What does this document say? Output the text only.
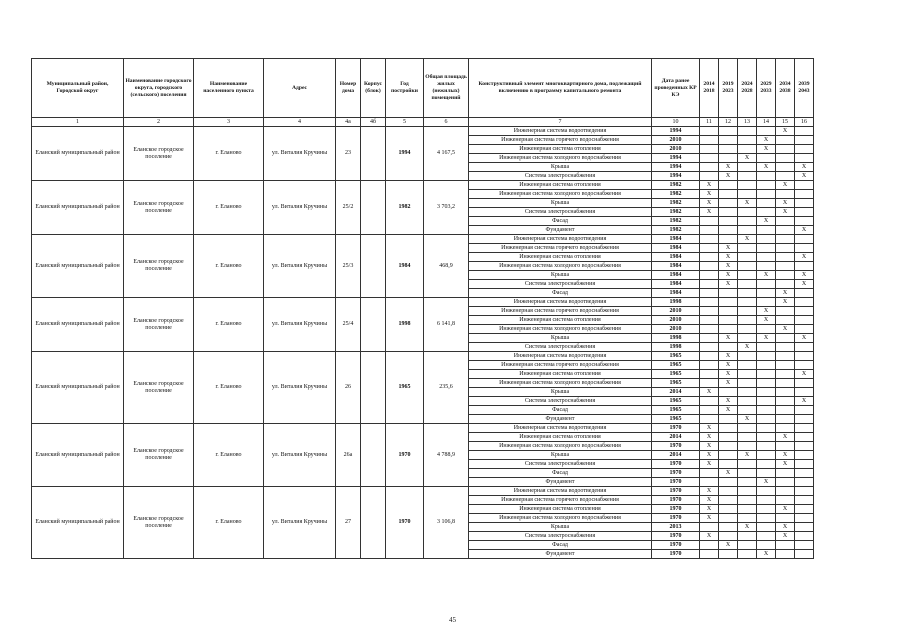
Муниципальный район, Городской округ	Наименование городского округа, городского (сельского) поселения	Наименование населенного пункта	Адрес	Номер дома	Корпус (блок)	Год постройки	Общая площадь жилых (нежилых) помещений	Конструктивный элемент многоквартирного дома, подлежащий включению в программу капитального ремонта	Дата ранее проведенных КР КЭ	2014 2018	2019 2023	2024 2028	2029 2033	2034 2038	2039 2043
1	2	3	4	4а	4б	5	6	7	10	11	12	13	14	15	16
Еланский муниципальный район	Еланское городское поселение	г. Еланово	ул. Виталия Кручины	23		1994	4 167,5	Инженерная система водоотведения	1994					X	
								Инженерная система горячего водоснабжения	2010				X		
								Инженерная система отопления	2010				X		
								Инженерная система холодного водоснабжения	1994			X			
								Крыша	1994		X		X		X
								Система электроснабжения	1994		X				X
Еланский муниципальный район	Еланское городское поселение	г. Еланово	ул. Виталия Кручины	25/2		1982	3 703,2	Инженерная система отопления	1982	X				X	
								Инженерная система холодного водоснабжения	1982	X					
								Крыша	1982	X		X		X	
								Система электроснабжения	1982	X				X	
								Фасад	1982				X		
								Фундамент	1982						X
Еланский муниципальный район	Еланское городское поселение	г. Еланово	ул. Виталия Кручины	25/3		1984	468,9	Инженерная система водоотведения	1984			X			
								Инженерная система горячего водоснабжения	1984		X				
								Инженерная система отопления	1984		X				X
								Инженерная система холодного водоснабжения	1984		X				
								Крыша	1984		X		X		X
								Система электроснабжения	1984		X				X
								Фасад	1984					X	
Еланский муниципальный район	Еланское городское поселение	г. Еланово	ул. Виталия Кручины	25/4		1998	6 141,8	Инженерная система водоотведения	1998					X	
								Инженерная система горячего водоснабжения	2010				X		
								Инженерная система отопления	2010				X		
								Инженерная система холодного водоснабжения	2010					X	
								Крыша	1998		X		X		X
								Система электроснабжения	1998			X			
Еланский муниципальный район	Еланское городское поселение	г. Еланово	ул. Виталия Кручины	26		1965	235,6	Инженерная система водоотведения	1965		X				
								Инженерная система горячего водоснабжения	1965		X				
								Инженерная система отопления	1965		X				X
								Инженерная система холодного водоснабжения	1965		X				
								Крыша	2014	X					
								Система электроснабжения	1965		X				X
								Фасад	1965		X				
								Фундамент	1965			X			
Еланский муниципальный район	Еланское городское поселение	г. Еланово	ул. Виталия Кручины	26а		1970	4 788,9	Инженерная система водоотведения	1970	X					
								Инженерная система отопления	2014	X				X	
								Инженерная система холодного водоснабжения	1970	X					
								Крыша	2014	X		X		X	
								Система электроснабжения	1970	X				X	
								Фасад	1970		X				
								Фундамент	1970				X		
Еланский муниципальный район	Еланское городское поселение	г. Еланово	ул. Виталия Кручины	27		1970	3 106,8	Инженерная система водоотведения	1970	X					
								Инженерная система горячего водоснабжения	1970	X					
								Инженерная система отопления	1970	X				X	
								Инженерная система холодного водоснабжения	1970	X					
								Крыша	2013			X		X	
								Система электроснабжения	1970	X				X	
								Фасад	1970		X				
								Фундамент	1970				X		
45
